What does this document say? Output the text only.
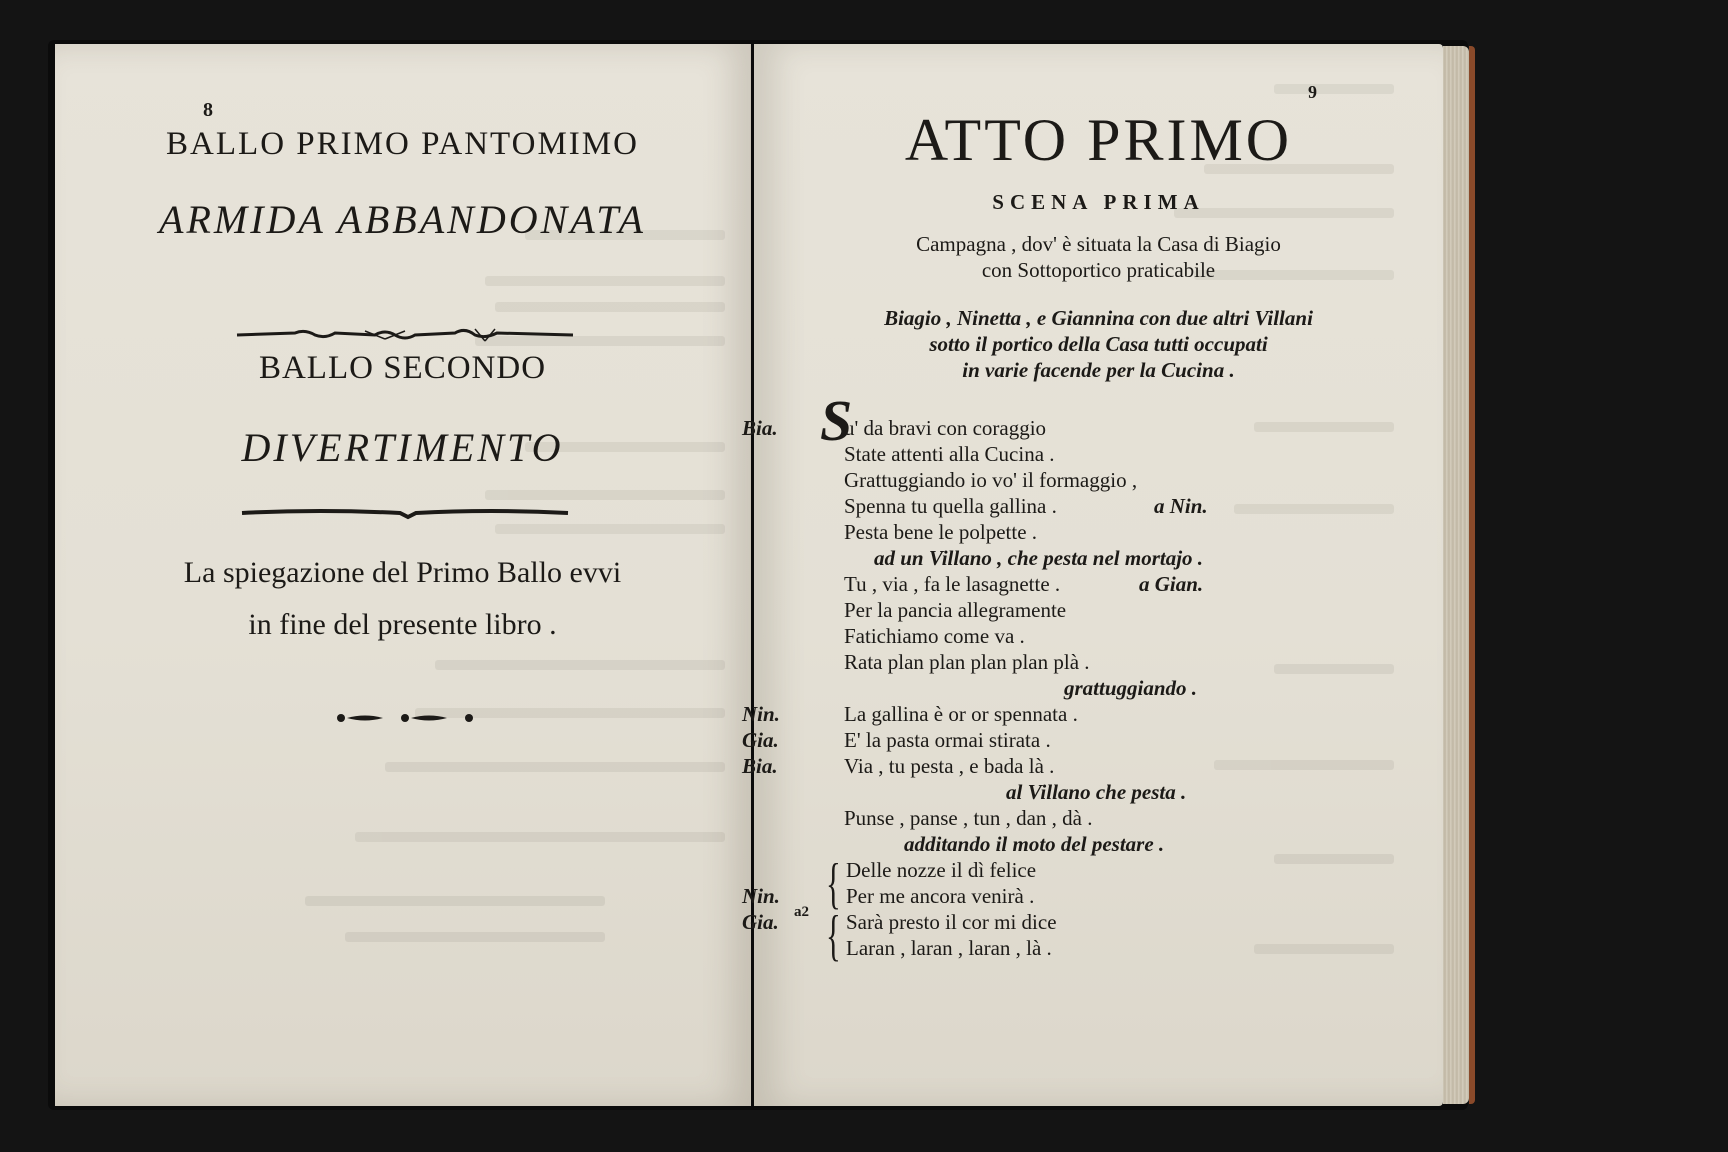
8
BALLO PRIMO PANTOMIMO
ARMIDA ABBANDONATA
BALLO SECONDO
DIVERTIMENTO
La spiegazione del Primo Ballo evvi
in fine del presente libro .
9
ATTO PRIMO
SCENA PRIMA
Campagna , dov' è situata la Casa di Biagio
con Sottoportico praticabile
Biagio , Ninetta , e Giannina con due altri Villani
sotto il portico della Casa tutti occupati
in varie facende per la Cucina .
Bia. S
u' da bravi con coraggio
State attenti alla Cucina .
Grattuggiando io vo' il formaggio ,
Spenna tu quella gallina .	a Nin.
Pesta bene le polpette .
ad un Villano , che pesta nel mortajo .
Tu , via , fa le lasagnette .	a Gian.
Per la pancia allegramente
Fatichiamo come va .
Rata plan plan plan plan plà .
grattuggiando .
Nin.	La gallina è or or spennata .
Gia.	E' la pasta ormai stirata .
Bia.	Via , tu pesta , e bada là .
al Villano che pesta .
Punse , panse , tun , dan , dà .
additando il moto del pestare .
{ Delle nozze il dì felice
Nin.	Per me ancora venirà .
Gia. a2 { Sarà presto il cor mi dice
Laran , laran , laran , là .
